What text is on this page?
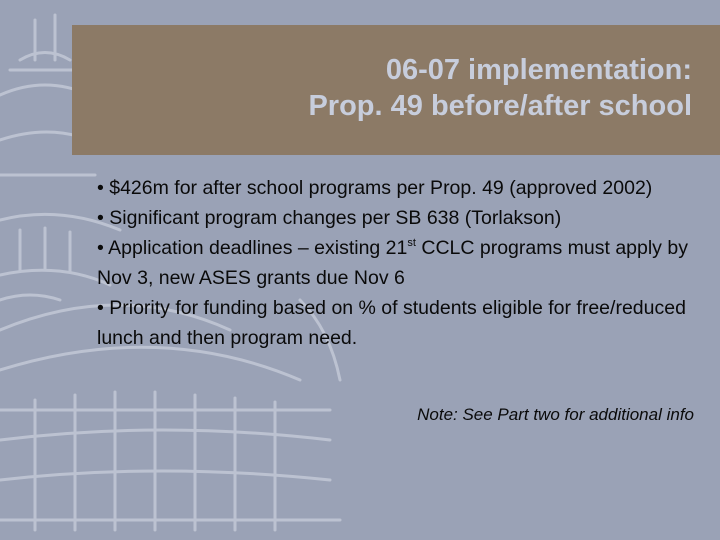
06-07 implementation:
Prop. 49 before/after school

• $426m for after school programs per Prop. 49 (approved 2002)

• Significant program changes per SB 638 (Torlakson)

• Application deadlines – existing 21st CCLC programs must apply by Nov 3, new ASES grants due Nov 6

• Priority for funding based on % of students eligible for free/reduced lunch and then program need.

Note: See Part two for additional info
